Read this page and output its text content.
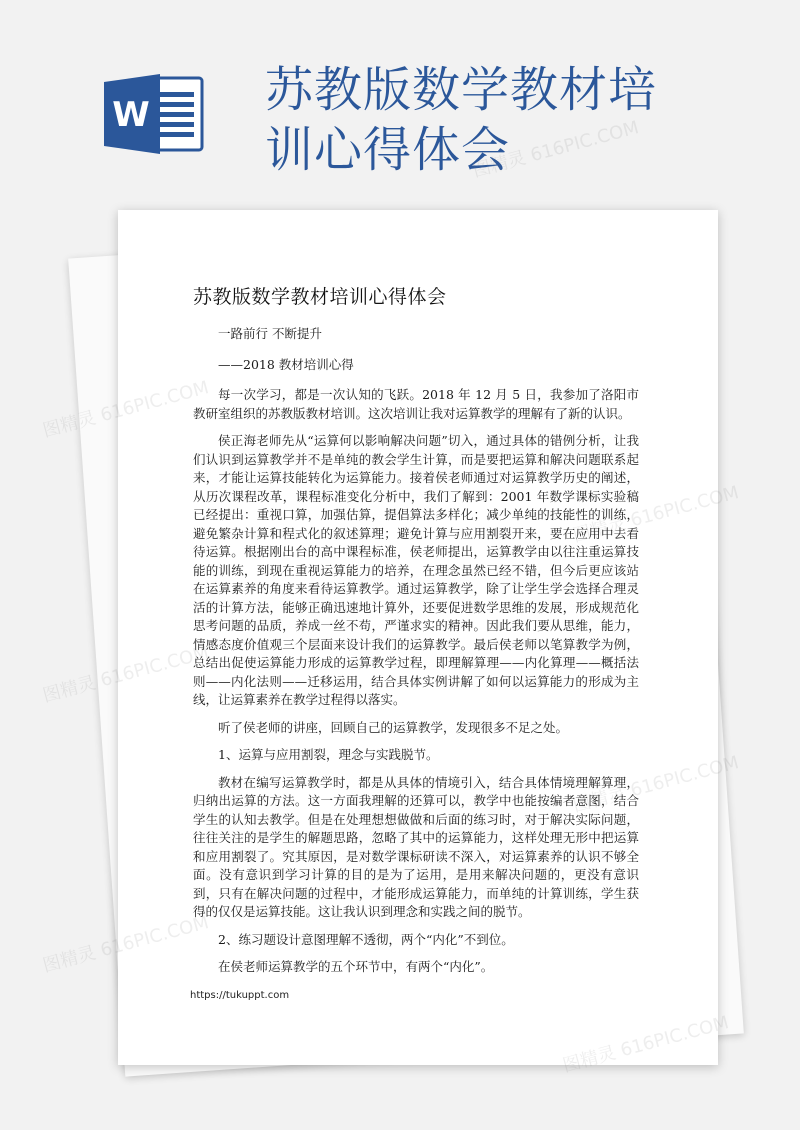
W 苏教版数学教材培训心得体会
苏教版数学教材培训心得体会

一路前行 不断提升

——2018 教材培训心得

每一次学习，都是一次认知的飞跃。2018 年 12 月 5 日，我参加了洛阳市教研室组织的苏教版教材培训。这次培训让我对运算教学的理解有了新的认识。

侯正海老师先从“运算何以影响解决问题”切入，通过具体的错例分析，让我们认识到运算教学并不是单纯的教会学生计算，而是要把运算和解决问题联系起来，才能让运算技能转化为运算能力。接着侯老师通过对运算教学历史的阐述，从历次课程改革，课程标准变化分析中，我们了解到：2001 年数学课标实验稿已经提出：重视口算，加强估算，提倡算法多样化；减少单纯的技能性的训练，避免繁杂计算和程式化的叙述算理；避免计算与应用割裂开来，要在应用中去看待运算。根据刚出台的高中课程标准，侯老师提出，运算教学由以往注重运算技能的训练，到现在重视运算能力的培养，在理念虽然已经不错，但今后更应该站在运算素养的角度来看待运算教学。通过运算教学，除了让学生学会选择合理灵活的计算方法，能够正确迅速地计算外，还要促进数学思维的发展，形成规范化思考问题的品质，养成一丝不苟，严谨求实的精神。因此我们要从思维，能力，情感态度价值观三个层面来设计我们的运算教学。最后侯老师以笔算教学为例，总结出促使运算能力形成的运算教学过程，即理解算理——内化算理——概括法则——内化法则——迁移运用，结合具体实例讲解了如何以运算能力的形成为主线，让运算素养在教学过程得以落实。

听了侯老师的讲座，回顾自己的运算教学，发现很多不足之处。

1、运算与应用割裂，理念与实践脱节。

教材在编写运算教学时，都是从具体的情境引入，结合具体情境理解算理，归纳出运算的方法。这一方面我理解的还算可以，教学中也能按编者意图，结合学生的认知去教学。但是在处理想想做做和后面的练习时，对于解决实际问题，往往关注的是学生的解题思路，忽略了其中的运算能力，这样处理无形中把运算和应用割裂了。究其原因，是对数学课标研读不深入，对运算素养的认识不够全面。没有意识到学习计算的目的是为了运用，是用来解决问题的，更没有意识到，只有在解决问题的过程中，才能形成运算能力，而单纯的计算训练，学生获得的仅仅是运算技能。这让我认识到理念和实践之间的脱节。

2、练习题设计意图理解不透彻，两个“内化”不到位。

在侯老师运算教学的五个环节中，有两个“内化”。

https://tukuppt.com
图精灵 616PIC.COM
图精灵
图精灵
图精灵
